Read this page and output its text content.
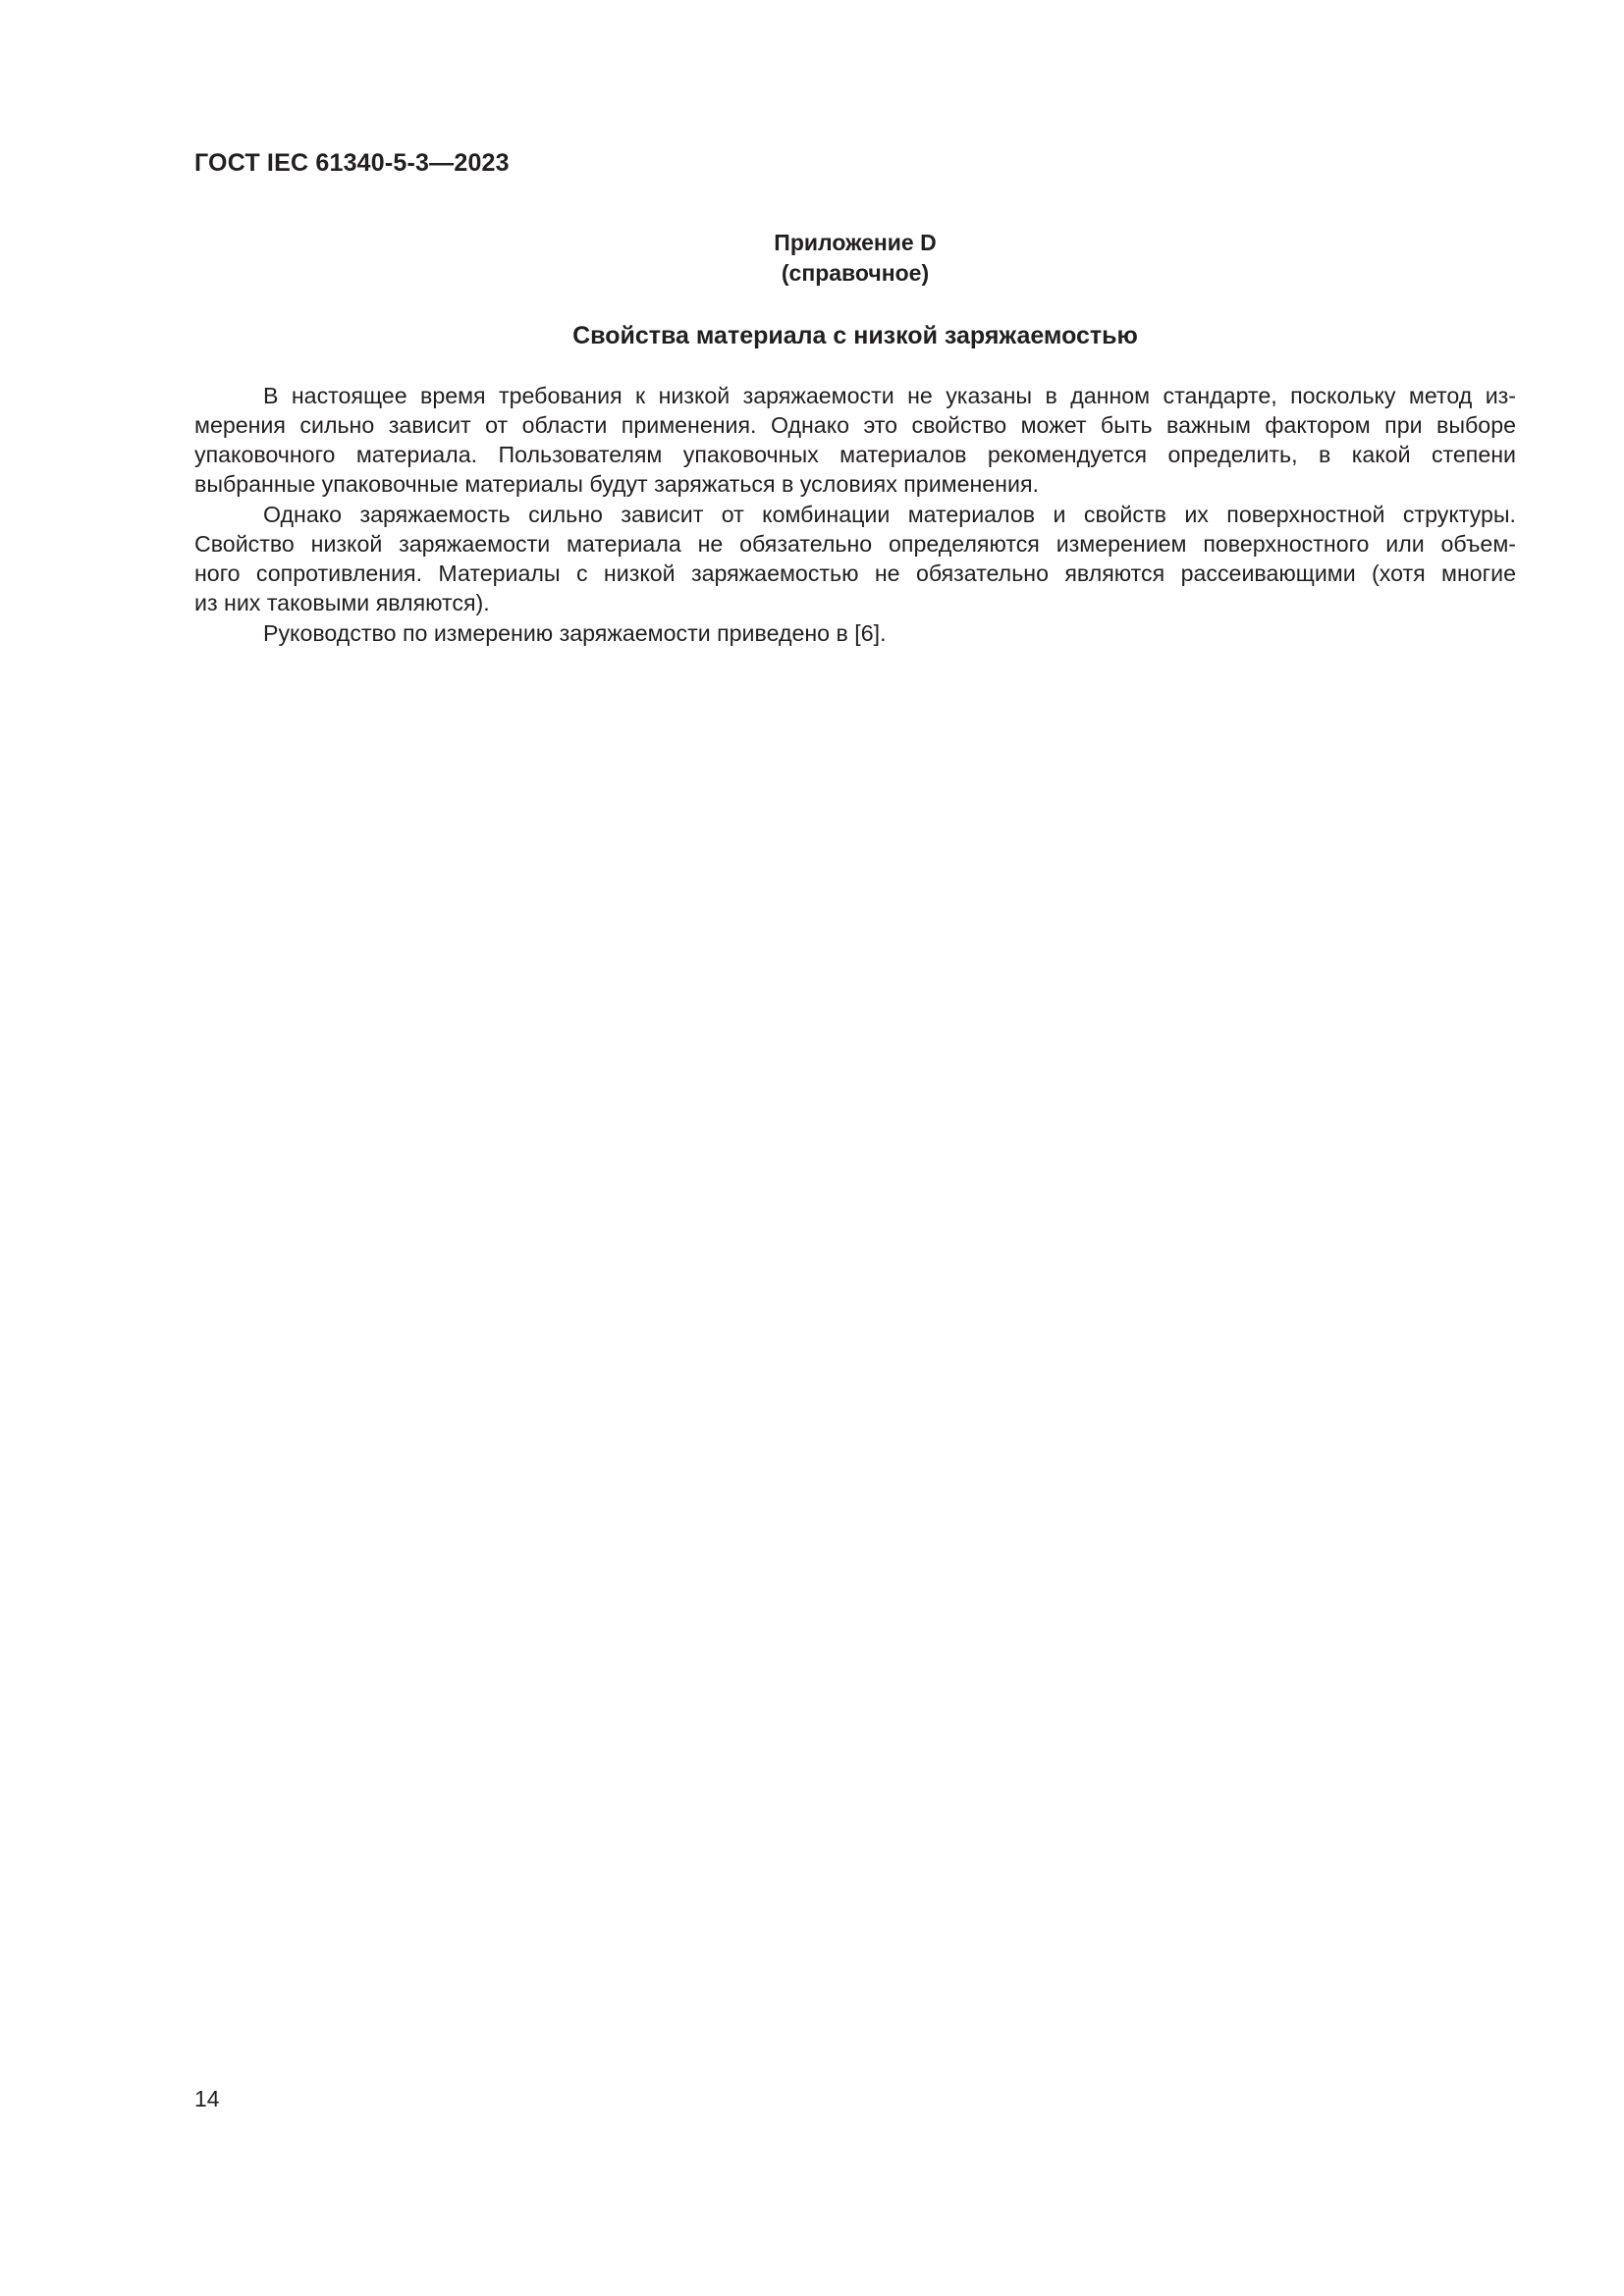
ГОСТ IEC 61340-5-3—2023
Приложение D
(справочное)
Свойства материала с низкой заряжаемостью
В настоящее время требования к низкой заряжаемости не указаны в данном стандарте, поскольку метод из-
мерения сильно зависит от области применения. Однако это свойство может быть важным фактором при выборе
упаковочного материала. Пользователям упаковочных материалов рекомендуется определить, в какой степени
выбранные упаковочные материалы будут заряжаться в условиях применения.
Однако заряжаемость сильно зависит от комбинации материалов и свойств их поверхностной структуры.
Свойство низкой заряжаемости материала не обязательно определяются измерением поверхностного или объем-
ного сопротивления. Материалы с низкой заряжаемостью не обязательно являются рассеивающими (хотя многие
из них таковыми являются).
Руководство по измерению заряжаемости приведено в [6].
14
